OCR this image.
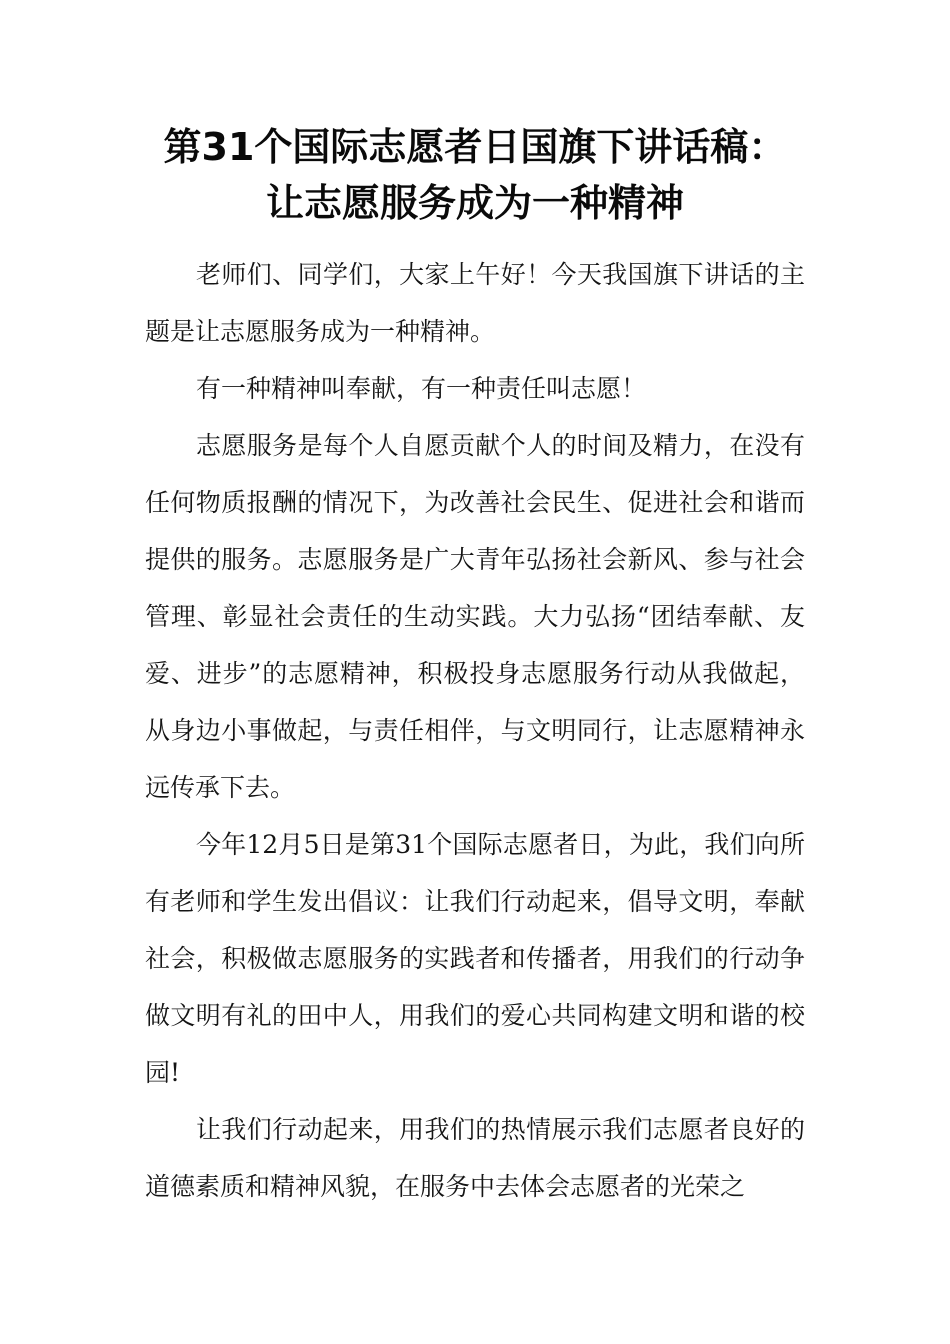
第31个国际志愿者日国旗下讲话稿：
让志愿服务成为一种精神

老师们、同学们，大家上午好！今天我国旗下讲话的主题是让志愿服务成为一种精神。

有一种精神叫奉献，有一种责任叫志愿！

志愿服务是每个人自愿贡献个人的时间及精力，在没有任何物质报酬的情况下，为改善社会民生、促进社会和谐而提供的服务。志愿服务是广大青年弘扬社会新风、参与社会管理、彰显社会责任的生动实践。大力弘扬“团结奉献、友爱、进步”的志愿精神，积极投身志愿服务行动从我做起，从身边小事做起，与责任相伴，与文明同行，让志愿精神永远传承下去。

今年12月5日是第31个国际志愿者日，为此，我们向所有老师和学生发出倡议：让我们行动起来，倡导文明，奉献社会，积极做志愿服务的实践者和传播者，用我们的行动争做文明有礼的田中人，用我们的爱心共同构建文明和谐的校园!

让我们行动起来，用我们的热情展示我们志愿者良好的道德素质和精神风貌，在服务中去体会志愿者的光荣之
